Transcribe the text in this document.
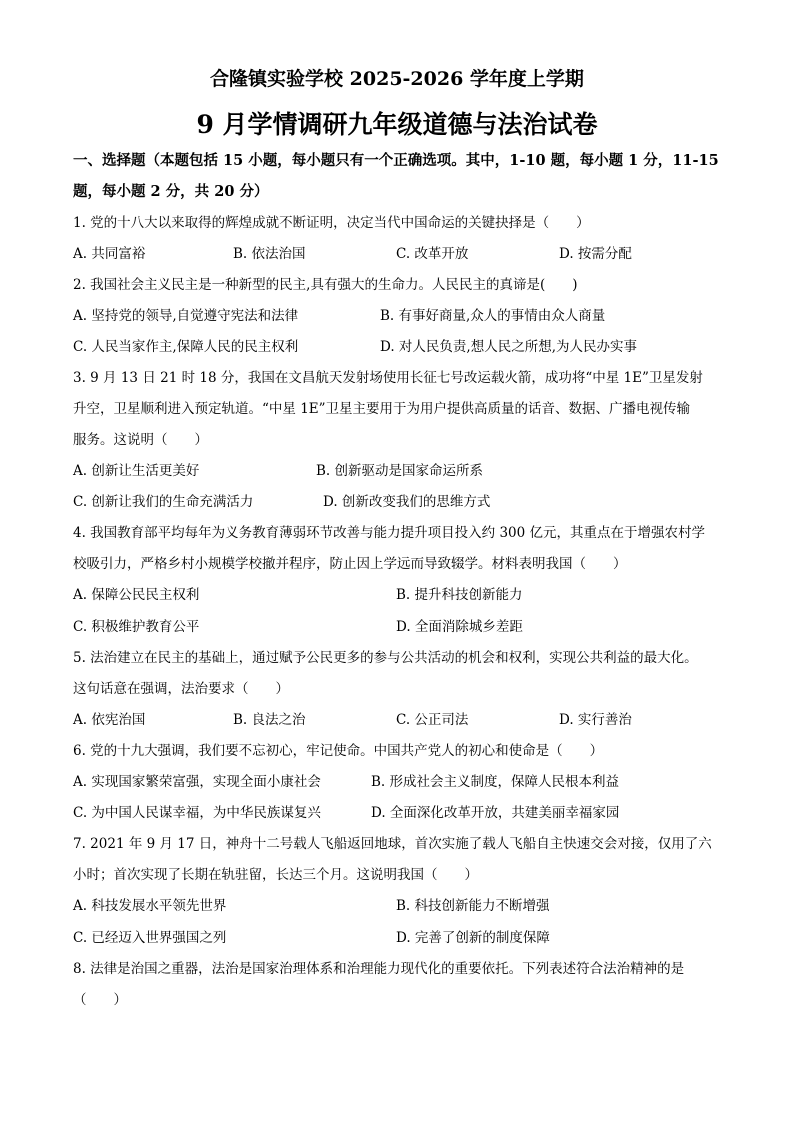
合隆镇实验学校 2025-2026 学年度上学期
9 月学情调研九年级道德与法治试卷
一、选择题（本题包括 15 小题，每小题只有一个正确选项。其中，1-10 题，每小题 1 分，11-15
题，每小题 2 分，共 20 分）
1. 党的十八大以来取得的辉煌成就不断证明，决定当代中国命运的关键抉择是（　　）
A. 共同富裕	B. 依法治国	C. 改革开放	D. 按需分配
2. 我国社会主义民主是一种新型的民主,具有强大的生命力。人民民主的真谛是(　　)
A. 坚持党的领导,自觉遵守宪法和法律	B. 有事好商量,众人的事情由众人商量
C. 人民当家作主,保障人民的民主权利	D. 对人民负责,想人民之所想,为人民办实事
3. 9 月 13 日 21 时 18 分，我国在文昌航天发射场使用长征七号改运载火箭，成功将“中星 1E”卫星发射
升空，卫星顺利进入预定轨道。“中星 1E”卫星主要用于为用户提供高质量的话音、数据、广播电视传输
服务。这说明（　　）
A. 创新让生活更美好	B. 创新驱动是国家命运所系
C. 创新让我们的生命充满活力	D. 创新改变我们的思维方式
4. 我国教育部平均每年为义务教育薄弱环节改善与能力提升项目投入约 300 亿元，其重点在于增强农村学
校吸引力，严格乡村小规模学校撤并程序，防止因上学远而导致辍学。材料表明我国（　　）
A. 保障公民民主权利	B. 提升科技创新能力
C. 积极维护教育公平	D. 全面消除城乡差距
5. 法治建立在民主的基础上，通过赋予公民更多的参与公共活动的机会和权利，实现公共利益的最大化。
这句话意在强调，法治要求（　　）
A. 依宪治国	B. 良法之治	C. 公正司法	D. 实行善治
6. 党的十九大强调，我们要不忘初心，牢记使命。中国共产党人的初心和使命是（　　）
A. 实现国家繁荣富强，实现全面小康社会	B. 形成社会主义制度，保障人民根本利益
C. 为中国人民谋幸福，为中华民族谋复兴	D. 全面深化改革开放，共建美丽幸福家园
7. 2021 年 9 月 17 日，神舟十二号载人飞船返回地球，首次实施了载人飞船自主快速交会对接，仅用了六
小时；首次实现了长期在轨驻留，长达三个月。这说明我国（　　）
A. 科技发展水平领先世界	B. 科技创新能力不断增强
C. 已经迈入世界强国之列	D. 完善了创新的制度保障
8. 法律是治国之重器，法治是国家治理体系和治理能力现代化的重要依托。下列表述符合法治精神的是
（　　）
